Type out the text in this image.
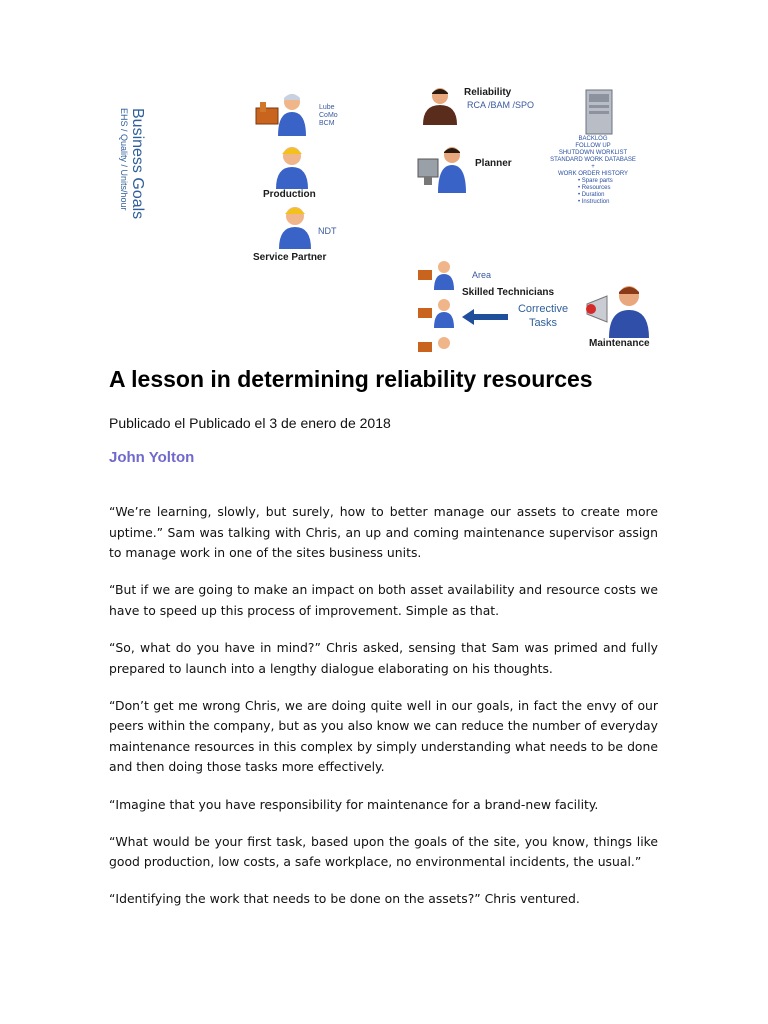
Business Goals
EHS / Quality / Units/hour
Lube
CoMo
BCM
Production
NDT
Service Partner
Reliability
RCA /BAM /SPO
BACKLOG
FOLLOW UP
SHUTDOWN WORKLIST
STANDARD WORK DATABASE +
WORK ORDER HISTORY
• Spare parts
• Resources
• Duration
• Instruction
Planner
Area
Skilled Technicians
Corrective Tasks
Maintenance
A lesson in determining reliability resources
Publicado el Publicado el 3 de enero de 2018
John Yolton

“We’re learning, slowly, but surely, how to better manage our assets to create more uptime.” Sam was talking with Chris, an up and coming maintenance supervisor assign to manage work in one of the sites business units.

“But if we are going to make an impact on both asset availability and resource costs we have to speed up this process of improvement. Simple as that.

“So, what do you have in mind?” Chris asked, sensing that Sam was primed and fully prepared to launch into a lengthy dialogue elaborating on his thoughts.

“Don’t get me wrong Chris, we are doing quite well in our goals, in fact the envy of our peers within the company, but as you also know we can reduce the number of everyday maintenance resources in this complex by simply understanding what needs to be done and then doing those tasks more effectively.

“Imagine that you have responsibility for maintenance for a brand-new facility.

“What would be your first task, based upon the goals of the site, you know, things like good production, low costs, a safe workplace, no environmental incidents, the usual.”

“Identifying the work that needs to be done on the assets?” Chris ventured.
